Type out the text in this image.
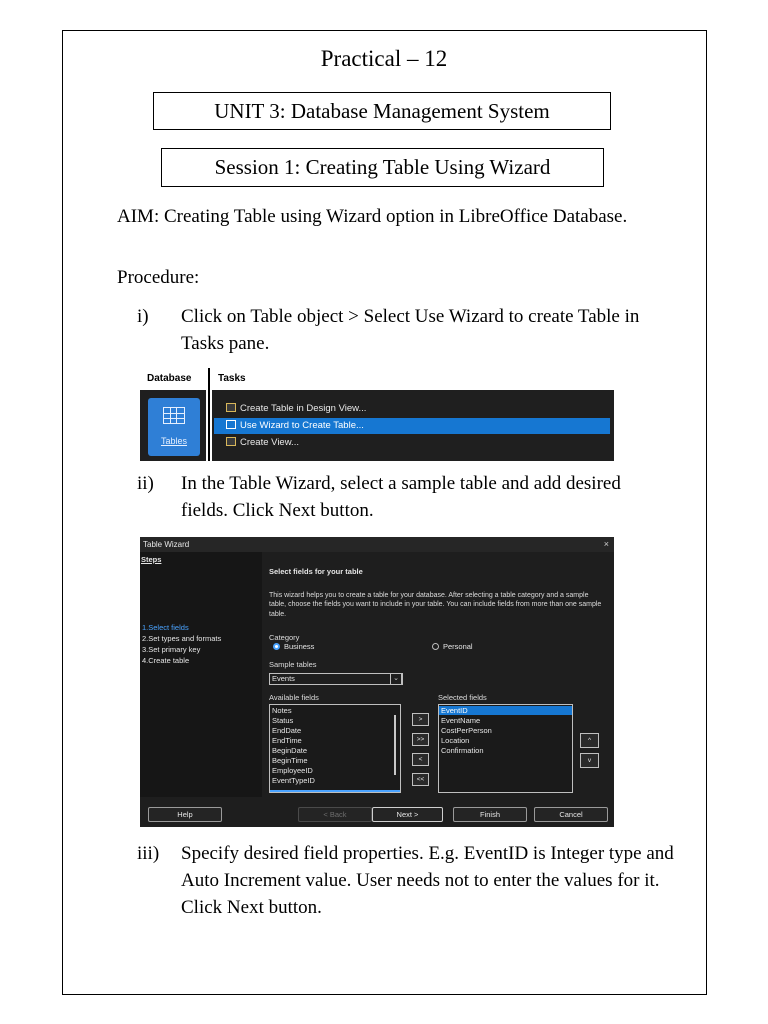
Practical – 12
UNIT 3: Database Management System
Session 1: Creating Table Using Wizard
AIM: Creating Table using Wizard option in LibreOffice Database.
Procedure:
i) Click on Table object > Select Use Wizard to create Table in Tasks pane.
Database	Tasks
Tables
Create Table in Design View...
Use Wizard to Create Table...
Create View...
ii) In the Table Wizard, select a sample table and add desired fields. Click Next button.
Table Wizard	×
Steps
1.Select fields
2.Set types and formats
3.Set primary key
4.Create table
Select fields for your table
This wizard helps you to create a table for your database. After selecting a table category and a sample table, choose the fields you want to include in your table. You can include fields from more than one sample table.
Category
Business	Personal
Sample tables
Events	⌄
Available fields	Selected fields
Notes
Status
EndDate
EndTime
BeginDate
BeginTime
EmployeeID
EventTypeID
>
>>
<
<<
EventID
EventName
CostPerPerson
Location
Confirmation
^
v
Help	< Back	Next >	Finish	Cancel
iii) Specify desired field properties. E.g. EventID is Integer type and Auto Increment value. User needs not to enter the values for it. Click Next button.
